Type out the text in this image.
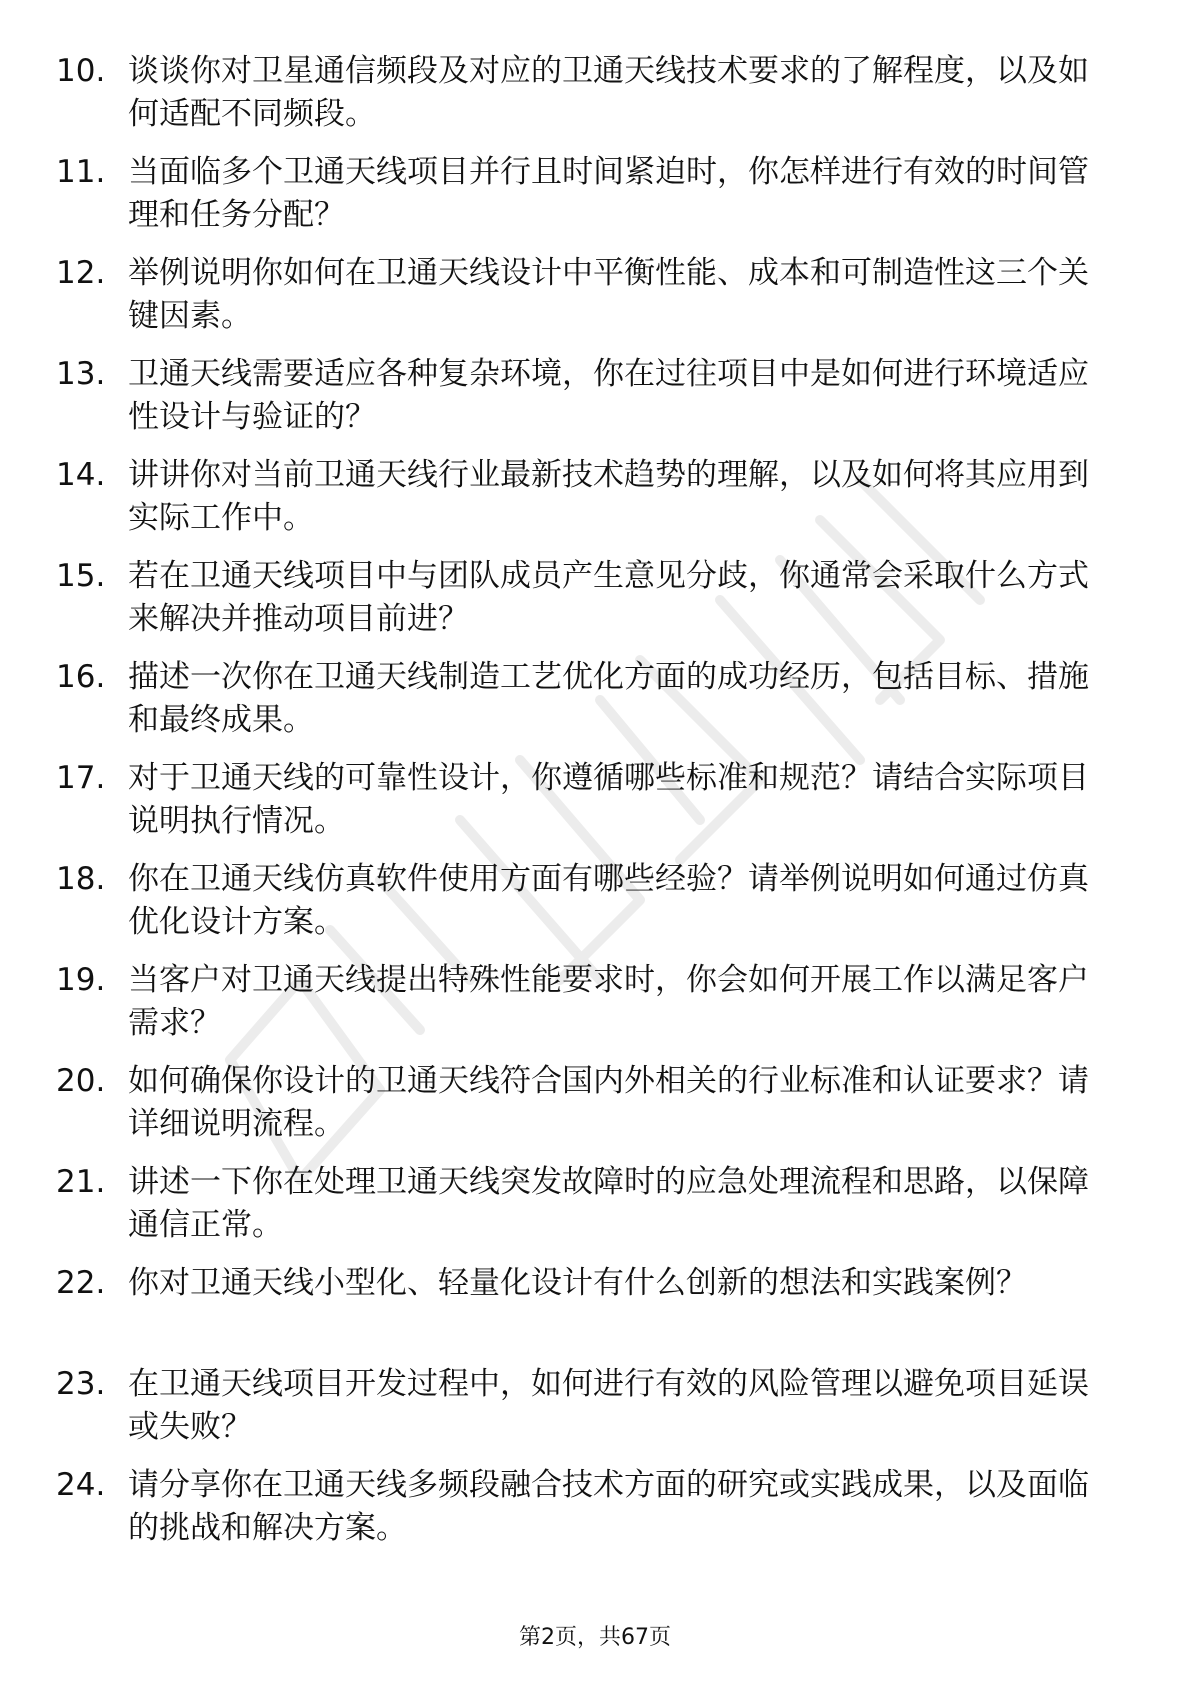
10. 谈谈你对卫星通信频段及对应的卫通天线技术要求的了解程度，以及如何适配不同频段。
11. 当面临多个卫通天线项目并行且时间紧迫时，你怎样进行有效的时间管理和任务分配？
12. 举例说明你如何在卫通天线设计中平衡性能、成本和可制造性这三个关键因素。
13. 卫通天线需要适应各种复杂环境，你在过往项目中是如何进行环境适应性设计与验证的？
14. 讲讲你对当前卫通天线行业最新技术趋势的理解，以及如何将其应用到实际工作中。
15. 若在卫通天线项目中与团队成员产生意见分歧，你通常会采取什么方式来解决并推动项目前进？
16. 描述一次你在卫通天线制造工艺优化方面的成功经历，包括目标、措施和最终成果。
17. 对于卫通天线的可靠性设计，你遵循哪些标准和规范？请结合实际项目说明执行情况。
18. 你在卫通天线仿真软件使用方面有哪些经验？请举例说明如何通过仿真优化设计方案。
19. 当客户对卫通天线提出特殊性能要求时，你会如何开展工作以满足客户需求？
20. 如何确保你设计的卫通天线符合国内外相关的行业标准和认证要求？请详细说明流程。
21. 讲述一下你在处理卫通天线突发故障时的应急处理流程和思路，以保障通信正常。
22. 你对卫通天线小型化、轻量化设计有什么创新的想法和实践案例？
23. 在卫通天线项目开发过程中，如何进行有效的风险管理以避免项目延误或失败？
24. 请分享你在卫通天线多频段融合技术方面的研究或实践成果，以及面临的挑战和解决方案。
第2页，共67页
